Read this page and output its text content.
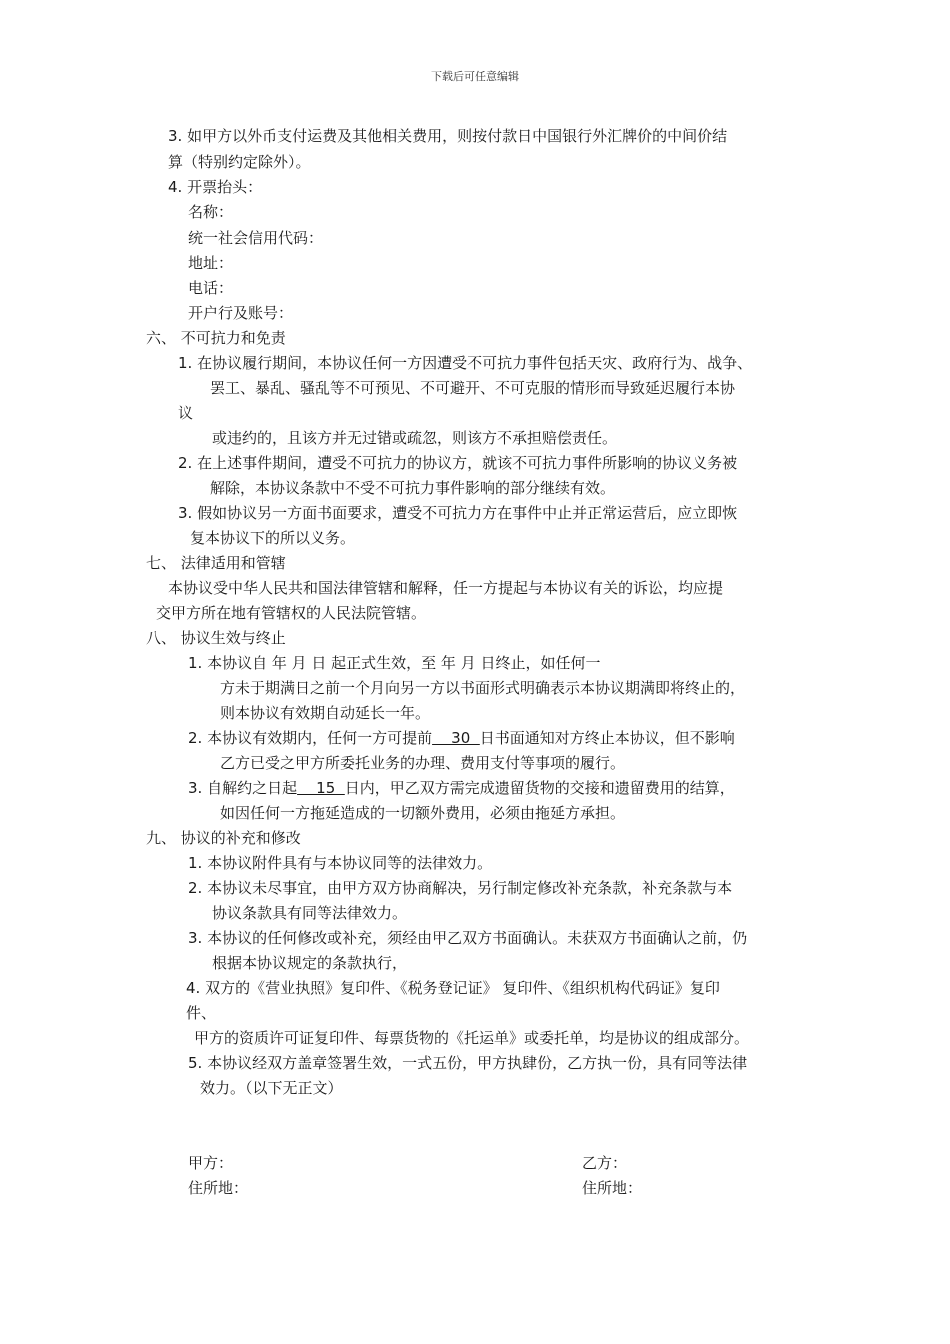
下载后可任意编辑
3. 如甲方以外币支付运费及其他相关费用，则按付款日中国银行外汇牌价的中间价结
算（特别约定除外）。
4. 开票抬头：
名称：
统一社会信用代码：
地址：
电话：
开户行及账号：
六、 不可抗力和免责
1. 在协议履行期间，本协议任何一方因遭受不可抗力事件包括天灾、政府行为、战争、
罢工、暴乱、骚乱等不可预见、不可避开、不可克服的情形而导致延迟履行本协
议
或违约的，且该方并无过错或疏忽，则该方不承担赔偿责任。
2. 在上述事件期间，遭受不可抗力的协议方，就该不可抗力事件所影响的协议义务被
解除，本协议条款中不受不可抗力事件影响的部分继续有效。
3. 假如协议另一方面书面要求，遭受不可抗力方在事件中止并正常运营后，应立即恢
复本协议下的所以义务。
七、 法律适用和管辖
本协议受中华人民共和国法律管辖和解释，任一方提起与本协议有关的诉讼，均应提
交甲方所在地有管辖权的人民法院管辖。
八、 协议生效与终止
1. 本协议自 年 月 日 起正式生效，至 年 月 日终止，如任何一
方未于期满日之前一个月向另一方以书面形式明确表示本协议期满即将终止的，
则本协议有效期自动延长一年。
2. 本协议有效期内，任何一方可提前    30  日书面通知对方终止本协议，但不影响
乙方已受之甲方所委托业务的办理、费用支付等事项的履行。
3. 自解约之日起    15  日内，甲乙双方需完成遗留货物的交接和遗留费用的结算，
如因任何一方拖延造成的一切额外费用，必须由拖延方承担。
九、 协议的补充和修改
1. 本协议附件具有与本协议同等的法律效力。
2. 本协议未尽事宜，由甲方双方协商解决，另行制定修改补充条款，补充条款与本
协议条款具有同等法律效力。
3. 本协议的任何修改或补充，须经由甲乙双方书面确认。未获双方书面确认之前，仍
根据本协议规定的条款执行，
4. 双方的《营业执照》复印件、《税务登记证》 复印件、《组织机构代码证》复印
件、
甲方的资质许可证复印件、每票货物的《托运单》或委托单，均是协议的组成部分。
5. 本协议经双方盖章签署生效，一式五份，甲方执肆份，乙方执一份，具有同等法律
效力。（以下无正文）
甲方：	乙方：
住所地：	住所地：
